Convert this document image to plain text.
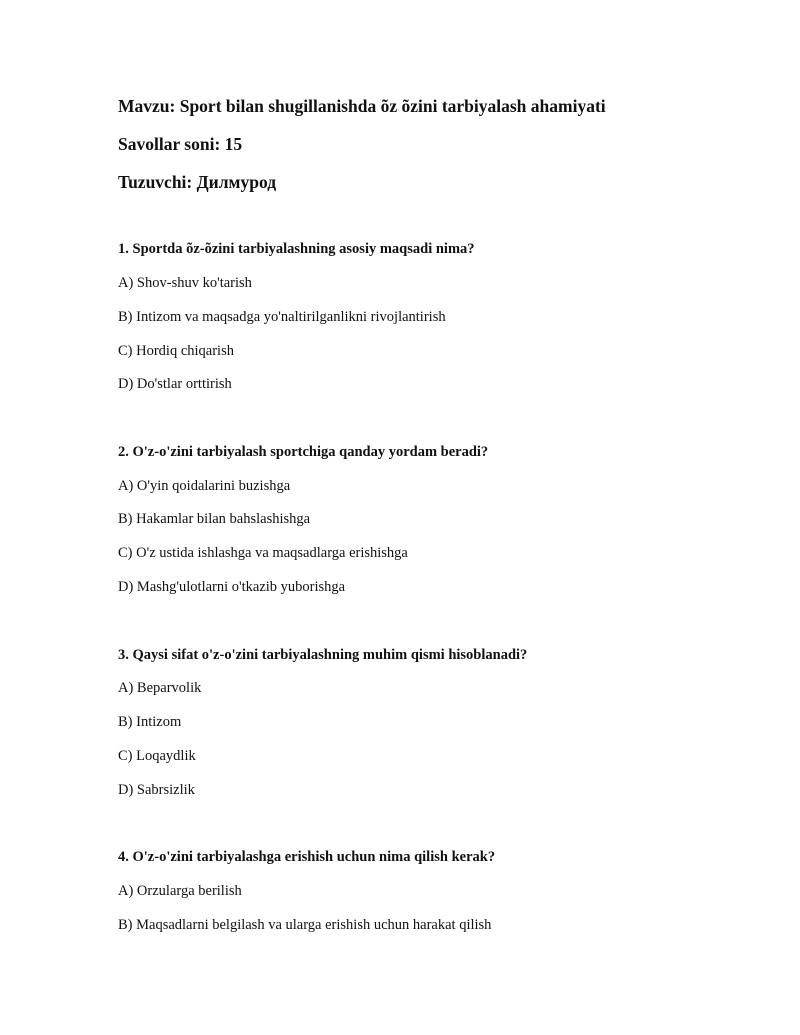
Mavzu: Sport bilan shugillanishda õz õzini tarbiyalash ahamiyati

Savollar soni: 15

Tuzuvchi: Дилмурод

1. Sportda õz-õzini tarbiyalashning asosiy maqsadi nima?

A) Shov-shuv ko'tarish

B) Intizom va maqsadga yo'naltirilganlikni rivojlantirish

C) Hordiq chiqarish

D) Do'stlar orttirish

2. O'z-o'zini tarbiyalash sportchiga qanday yordam beradi?

A) O'yin qoidalarini buzishga

B) Hakamlar bilan bahslashishga

C) O'z ustida ishlashga va maqsadlarga erishishga

D) Mashg'ulotlarni o'tkazib yuborishga

3. Qaysi sifat o'z-o'zini tarbiyalashning muhim qismi hisoblanadi?

A) Beparvolik

B) Intizom

C) Loqaydlik

D) Sabrsizlik

4. O'z-o'zini tarbiyalashga erishish uchun nima qilish kerak?

A) Orzularga berilish

B) Maqsadlarni belgilash va ularga erishish uchun harakat qilish
